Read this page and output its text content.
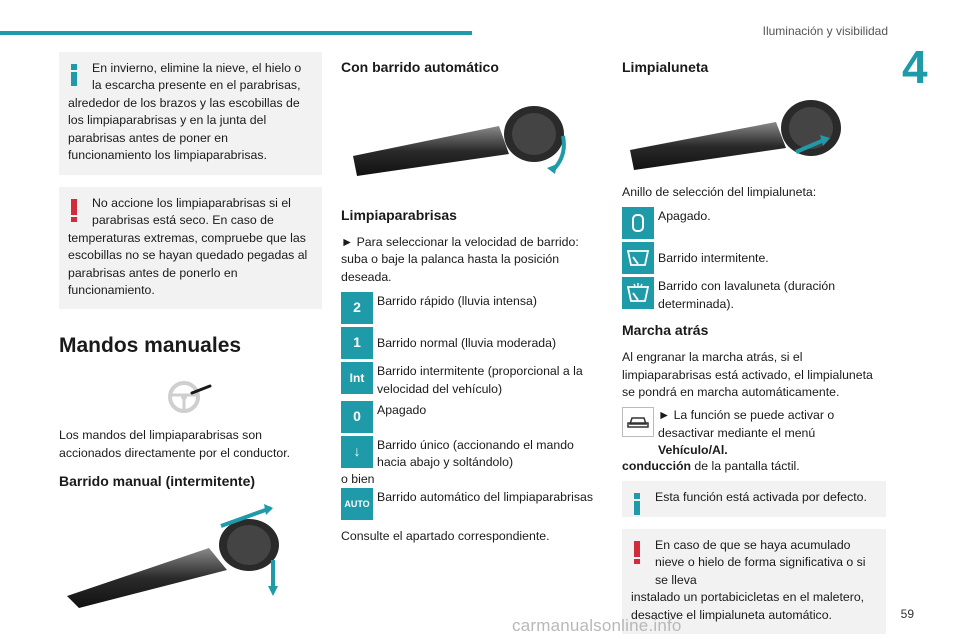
Iluminación y visibilidad
4
En invierno, elimine la nieve, el hielo o la escarcha presente en el parabrisas,
alrededor de los brazos y las escobillas de los limpiaparabrisas y en la junta del parabrisas antes de poner en funcionamiento los limpiaparabrisas.
No accione los limpiaparabrisas si el parabrisas está seco. En caso de
temperaturas extremas, compruebe que las escobillas no se hayan quedado pegadas al parabrisas antes de ponerlo en funcionamiento.
Mandos manuales

Los mandos del limpiaparabrisas son accionados directamente por el conductor.

Barrido manual (intermitente)
Con barrido automático
Limpiaparabrisas

► Para seleccionar la velocidad de barrido: suba o baje la palanca hasta la posición deseada.

2	Barrido rápido (lluvia intensa)
1	Barrido normal (lluvia moderada)
Int	Barrido intermitente (proporcional a la velocidad del vehículo)
0	Apagado
↓	Barrido único (accionando el mando hacia abajo y soltándolo)

o bien

AUTO Barrido automático del limpiaparabrisas

Consulte el apartado correspondiente.

Limpialuneta

Anillo de selección del limpialuneta:

Apagado.
Barrido intermitente.
Barrido con lavaluneta (duración determinada).
Marcha atrás

Al engranar la marcha atrás, si el limpiaparabrisas está activado, el limpialuneta se pondrá en marcha automáticamente.

► La función se puede activar o desactivar mediante el menú Vehículo/Al.

conducción de la pantalla táctil.

Esta función está activada por defecto.
En caso de que se haya acumulado nieve o hielo de forma significativa o si se lleva
instalado un portabicicletas en el maletero, desactive el limpialuneta automático.	59
carmanualsonline.info
